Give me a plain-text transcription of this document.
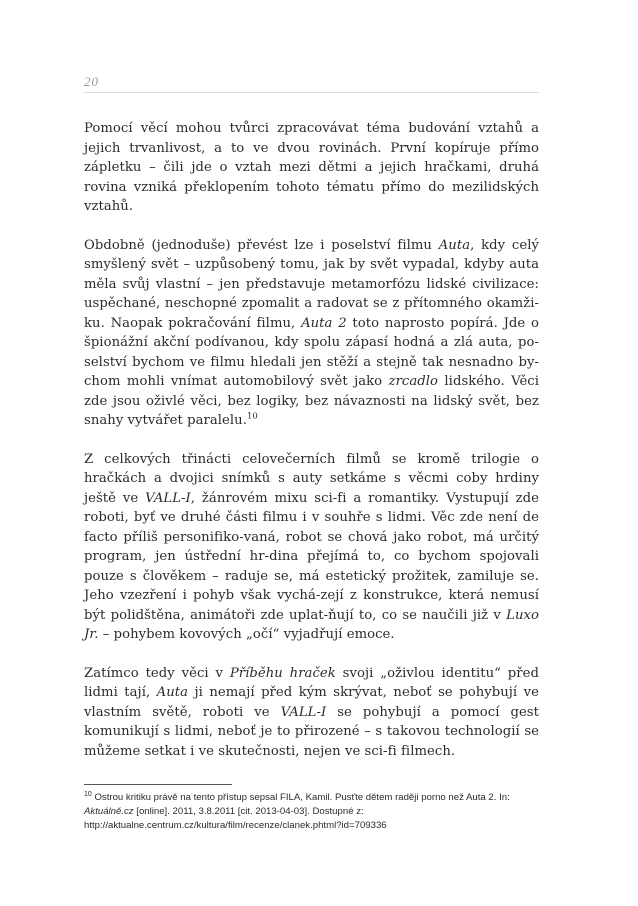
20

Pomocí věcí mohou tvůrci zpracovávat téma budování vztahů a jejich trvanlivost, a to ve dvou rovinách. První kopíruje přímo zápletku – čili jde o vztah mezi dětmi a jejich hračkami, druhá rovina vzniká překlopením tohoto tématu přímo do mezilidských vztahů.

Obdobně (jednoduše) převést lze i poselství filmu Auta, kdy celý smyšlený svět – uzpůsobený tomu, jak by svět vypadal, kdyby auta měla svůj vlastní – jen představuje metamorfózu lidské civilizace: uspěchané, neschopné zpomalit a radovat se z přítomného okamži-ku. Naopak pokračování filmu, Auta 2 toto naprosto popírá. Jde o špionážní akční podívanou, kdy spolu zápasí hodná a zlá auta, po-selství bychom ve filmu hledali jen stěží a stejně tak nesnadno by-chom mohli vnímat automobilový svět jako zrcadlo lidského. Věci zde jsou oživlé věci, bez logiky, bez návaznosti na lidský svět, bez snahy vytvářet paralelu.$^{10}$

Z celkových třinácti celovečerních filmů se kromě trilogie o hračkách a dvojici snímků s auty setkáme s věcmi coby hrdiny ještě ve VALL-I, žánrovém mixu sci-fi a romantiky. Vystupují zde roboti, byť ve druhé části filmu i v souhře s lidmi. Věc zde není de facto příliš personifiko-vaná, robot se chová jako robot, má určitý program, jen ústřední hr-dina přejímá to, co bychom spojovali pouze s člověkem – raduje se, má estetický prožitek, zamiluje se. Jeho vzezření i pohyb však vychá-zejí z konstrukce, která nemusí být polidštěna, animátoři zde uplat-ňují to, co se naučili již v Luxo Jr. – pohybem kovových „očí“ vyjadřují emoce.

Zatímco tedy věci v Příběhu hraček svoji „oživlou identitu“ před lidmi tají, Auta ji nemají před kým skrývat, neboť se pohybují ve vlastním světě, roboti ve VALL-I se pohybují a pomocí gest komunikují s lidmi, neboť je to přirozené – s takovou technologií se můžeme setkat i ve skutečnosti, nejen ve sci-fi filmech.

$^{10}$ Ostrou kritiku právě na tento přístup sepsal FILA, Kamil. Pusťte dětem raději porno než Auta 2. In: Aktuálně.cz [online]. 2011, 3.8.2011 [cit. 2013-04-03]. Dostupné z: http://aktualne.centrum.cz/kultura/film/recenze/clanek.phtml?id=709336
